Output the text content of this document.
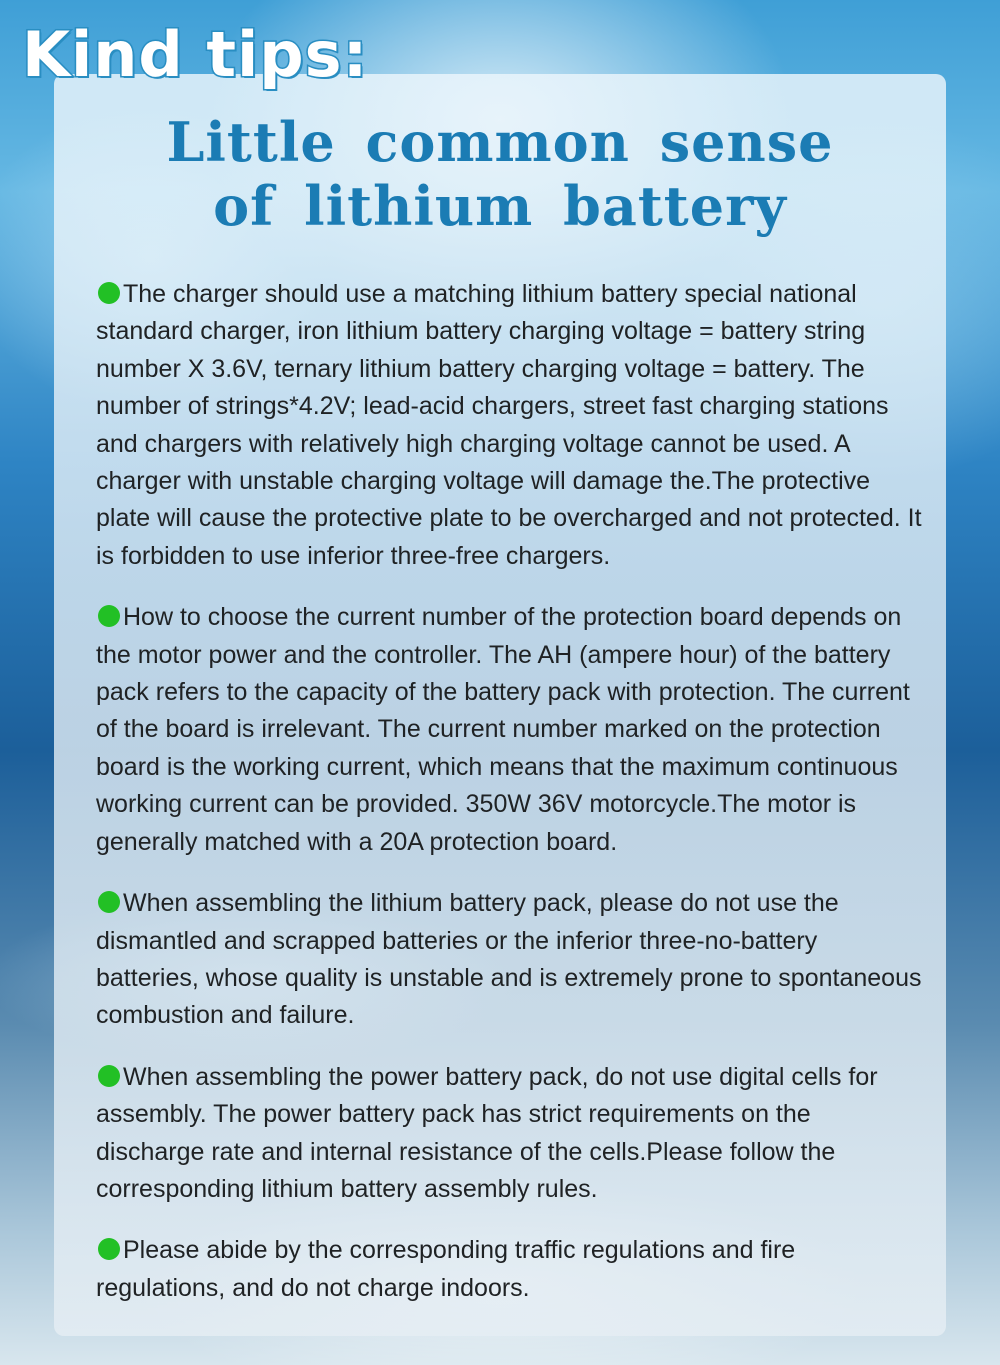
Kind tips:
Little common sense
of lithium battery
The charger should use a matching lithium battery special national standard charger, iron lithium battery charging voltage = battery string number X 3.6V, ternary lithium battery charging voltage = battery. The number of strings*4.2V; lead-acid chargers, street fast charging stations and chargers with relatively high charging voltage cannot be used. A charger with unstable charging voltage will damage the.The protective plate will cause the protective plate to be overcharged and not protected. It is forbidden to use inferior three-free chargers.
How to choose the current number of the protection board depends on the motor power and the controller. The AH (ampere hour) of the battery pack refers to the capacity of the battery pack with protection. The current of the board is irrelevant. The current number marked on the protection board is the working current, which means that the maximum continuous working current can be provided. 350W 36V motorcycle.The motor is generally matched with a 20A protection board.
When assembling the lithium battery pack, please do not use the dismantled and scrapped batteries or the inferior three-no-battery batteries, whose quality is unstable and is extremely prone to spontaneous combustion and failure.
When assembling the power battery pack, do not use digital cells for assembly. The power battery pack has strict requirements on the discharge rate and internal resistance of the cells.Please follow the corresponding lithium battery assembly rules.
Please abide by the corresponding traffic regulations and fire regulations, and do not charge indoors.
